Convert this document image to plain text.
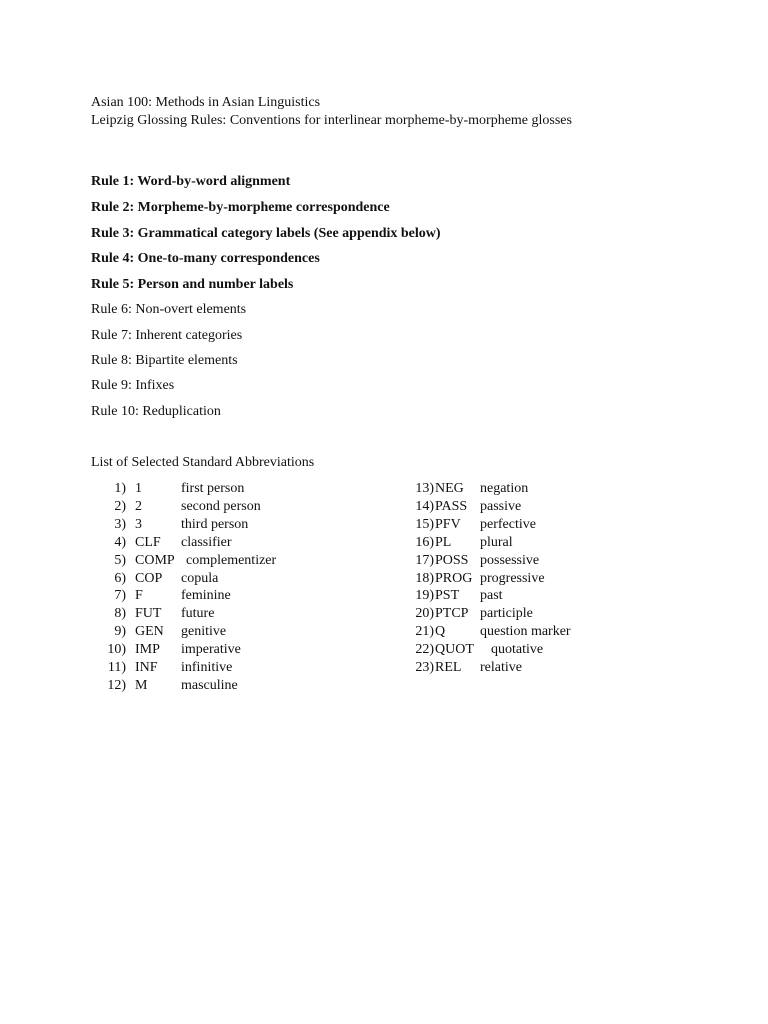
Asian 100: Methods in Asian Linguistics
Leipzig Glossing Rules: Conventions for interlinear morpheme-by-morpheme glosses
Rule 1: Word-by-word alignment
Rule 2: Morpheme-by-morpheme correspondence
Rule 3: Grammatical category labels (See appendix below)
Rule 4: One-to-many correspondences
Rule 5: Person and number labels
Rule 6: Non-overt elements
Rule 7: Inherent categories
Rule 8: Bipartite elements
Rule 9: Infixes
Rule 10: Reduplication
List of Selected Standard Abbreviations
1) 1	first person
2) 2	second person
3) 3	third person
4) CLF classifier
5) COMP complementizer
6) COP copula
7) F	feminine
8) FUT future
9) GEN genitive
10) IMP imperative
11) INF infinitive
12) M masculine
13) NEG negation
14) PASS passive
15) PFV perfective
16) PL plural
17) POSS possessive
18) PROG progressive
19) PST past
20) PTCP participle
21) Q question marker
22) QUOT quotative
23) REL relative
